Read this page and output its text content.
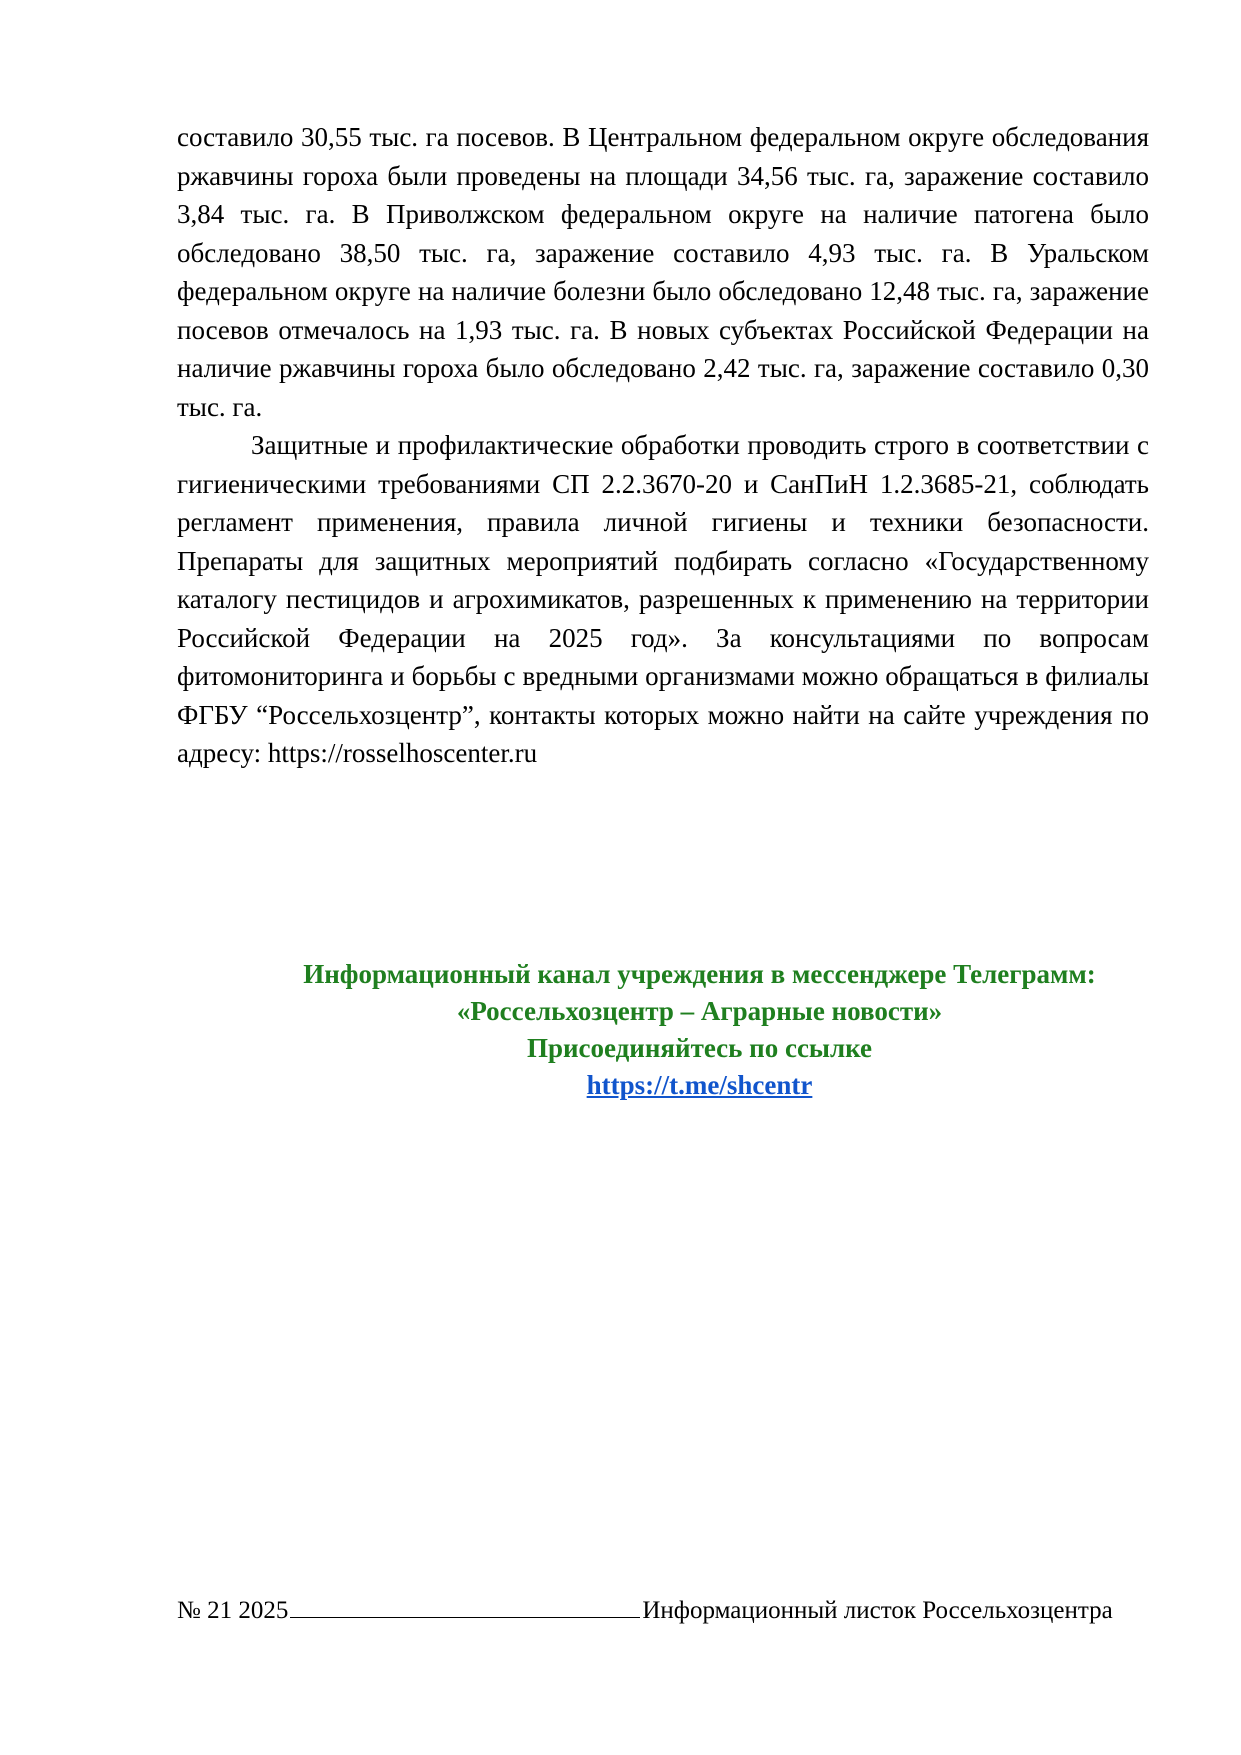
составило 30,55 тыс. га посевов. В Центральном федеральном округе обследования ржавчины гороха были проведены на площади 34,56 тыс. га, заражение составило 3,84 тыс. га. В Приволжском федеральном округе на наличие патогена было обследовано 38,50 тыс. га, заражение составило 4,93 тыс. га. В Уральском федеральном округе на наличие болезни было обследовано 12,48 тыс. га, заражение посевов отмечалось на 1,93 тыс. га. В новых субъектах Российской Федерации на наличие ржавчины гороха было обследовано 2,42 тыс. га, заражение составило 0,30 тыс. га.

Защитные и профилактические обработки проводить строго в соответствии с гигиеническими требованиями СП 2.2.3670-20 и СанПиН 1.2.3685-21, соблюдать регламент применения, правила личной гигиены и техники безопасности. Препараты для защитных мероприятий подбирать согласно «Государственному каталогу пестицидов и агрохимикатов, разрешенных к применению на территории Российской Федерации на 2025 год». За консультациями по вопросам фитомониторинга и борьбы с вредными организмами можно обращаться в филиалы ФГБУ “Россельхозцентр”, контакты которых можно найти на сайте учреждения по адресу: https://rosselhoscenter.ru

Информационный канал учреждения в мессенджере Телеграмм:
«Россельхозцентр – Аграрные новости»
Присоединяйтесь по ссылке
https://t.me/shcentr
№ 21 2025	Информационный листок Россельхозцентра
